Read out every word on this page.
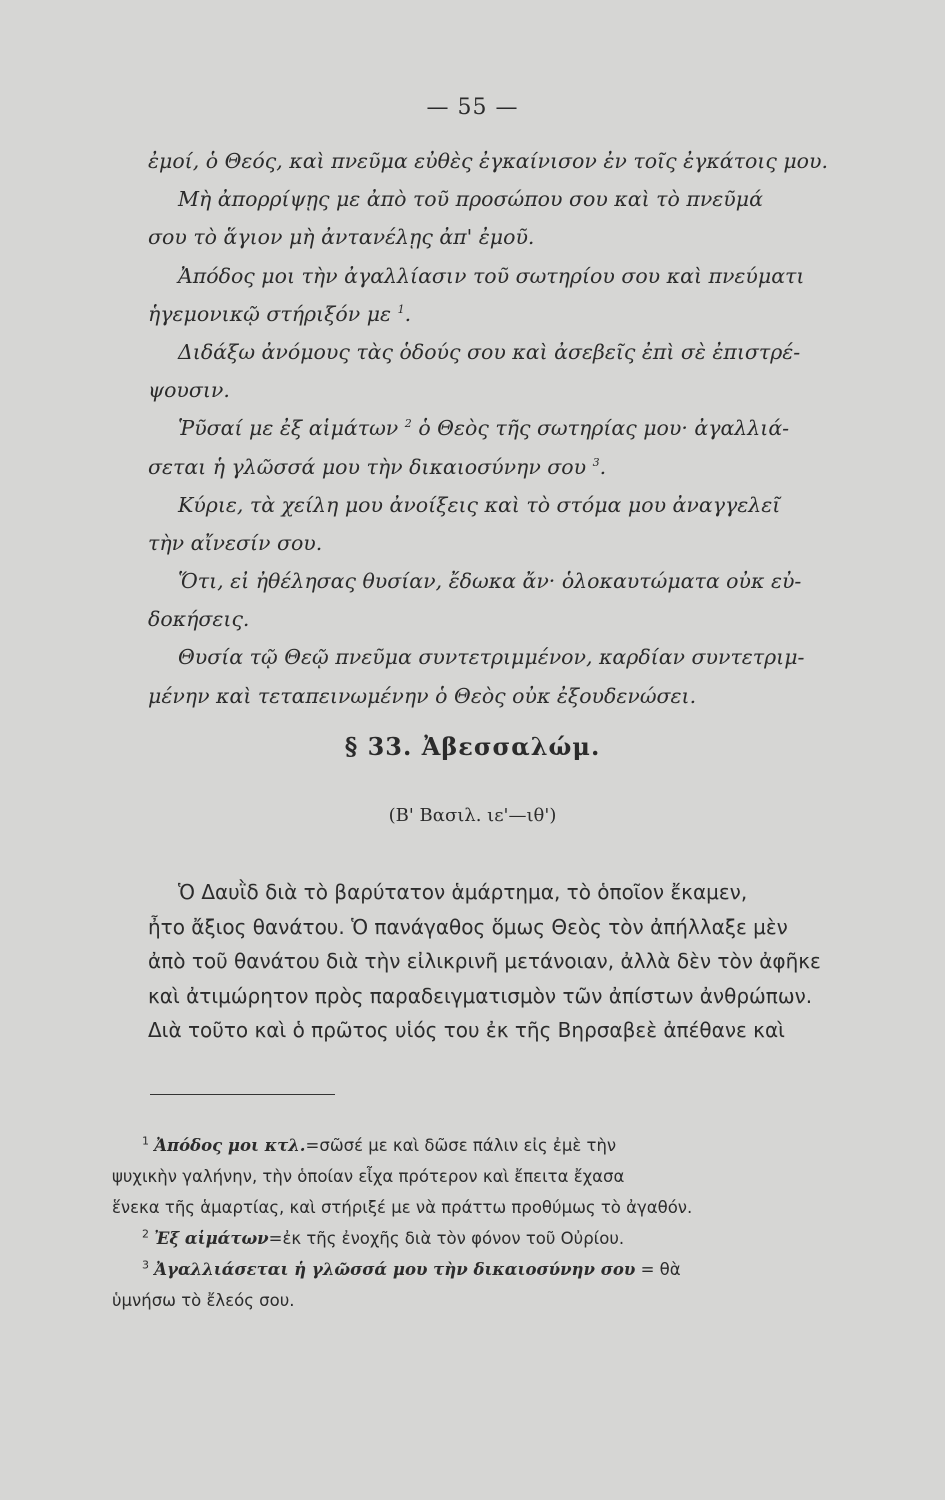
— 55 —
ἐμοί, ὁ Θεός, καὶ πνεῦμα εὐθὲς ἐγκαίνισον ἐν τοῖς ἐγκάτοις μου.
Μὴ ἀπορρίψῃς με ἀπὸ τοῦ προσώπου σου καὶ τὸ πνεῦμά
σου τὸ ἅγιον μὴ ἀντανέλῃς ἀπ' ἐμοῦ.
Ἀπόδος μοι τὴν ἀγαλλίασιν τοῦ σωτηρίου σου καὶ πνεύματι
ἡγεμονικῷ στήριξόν με $^1$.
Διδάξω ἀνόμους τὰς ὁδούς σου καὶ ἀσεβεῖς ἐπὶ σὲ ἐπιστρέ-
ψουσιν.
Ῥῦσαί με ἐξ αἱμάτων $^2$ ὁ Θεὸς τῆς σωτηρίας μου· ἀγαλλιά-
σεται ἡ γλῶσσά μου τὴν δικαιοσύνην σου $^3$.
Κύριε, τὰ χείλη μου ἀνοίξεις καὶ τὸ στόμα μου ἀναγγελεῖ
τὴν αἴνεσίν σου.
Ὅτι, εἰ ἠθέλησας θυσίαν, ἔδωκα ἄν· ὁλοκαυτώματα οὐκ εὐ-
δοκήσεις.
Θυσία τῷ Θεῷ πνεῦμα συντετριμμένον, καρδίαν συντετριμ-
μένην καὶ τεταπεινωμένην ὁ Θεὸς οὐκ ἐξουδενώσει.
§ 33. Ἀβεσσαλώμ.
(Β' Βασιλ. ιε'—ιθ')
Ὁ Δαυῒδ διὰ τὸ βαρύτατον ἁμάρτημα, τὸ ὁποῖον ἔκαμεν,
ἦτο ἄξιος θανάτου. Ὁ πανάγαθος ὅμως Θεὸς τὸν ἀπήλλαξε μὲν
ἀπὸ τοῦ θανάτου διὰ τὴν εἰλικρινῆ μετάνοιαν, ἀλλὰ δὲν τὸν ἀφῆκε
καὶ ἀτιμώρητον πρὸς παραδειγματισμὸν τῶν ἀπίστων ἀνθρώπων.
Διὰ τοῦτο καὶ ὁ πρῶτος υἱός του ἐκ τῆς Βηρσαβεὲ ἀπέθανε καὶ
$^1$ Ἀπόδος μοι κτλ.=σῶσέ με καὶ δῶσε πάλιν εἰς ἐμὲ τὴν
ψυχικὴν γαλήνην, τὴν ὁποίαν εἶχα πρότερον καὶ ἔπειτα ἔχασα
ἕνεκα τῆς ἁμαρτίας, καὶ στήριξέ με νὰ πράττω προθύμως τὸ ἀγαθόν.
$^2$ Ἐξ αἱμάτων=ἐκ τῆς ἐνοχῆς διὰ τὸν φόνον τοῦ Οὐρίου.
$^3$ Ἀγαλλιάσεται ἡ γλῶσσά μου τὴν δικαιοσύνην σου = θὰ
ὑμνήσω τὸ ἔλεός σου.
